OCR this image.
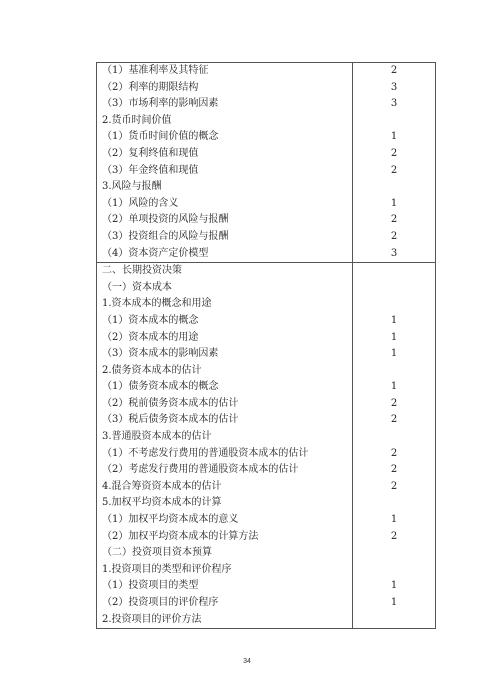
（1）基准利率及其特征	2
（2）利率的期限结构	3
（3）市场利率的影响因素	3
2.货币时间价值	
（1）货币时间价值的概念	1
（2）复利终值和现值	2
（3）年金终值和现值	2
3.风险与报酬	
（1）风险的含义	1
（2）单项投资的风险与报酬	2
（3）投资组合的风险与报酬	2
（4）资本资产定价模型	3
二、长期投资决策	
（一）资本成本	
1.资本成本的概念和用途	
（1）资本成本的概念	1
（2）资本成本的用途	1
（3）资本成本的影响因素	1
2.债务资本成本的估计	
（1）债务资本成本的概念	1
（2）税前债务资本成本的估计	2
（3）税后债务资本成本的估计	2
3.普通股资本成本的估计	
（1）不考虑发行费用的普通股资本成本的估计	2
（2）考虑发行费用的普通股资本成本的估计	2
4.混合筹资资本成本的估计	2
5.加权平均资本成本的计算	
（1）加权平均资本成本的意义	1
（2）加权平均资本成本的计算方法	2
（二）投资项目资本预算	
1.投资项目的类型和评价程序	
（1）投资项目的类型	1
（2）投资项目的评价程序	1
2.投资项目的评价方法	
34
